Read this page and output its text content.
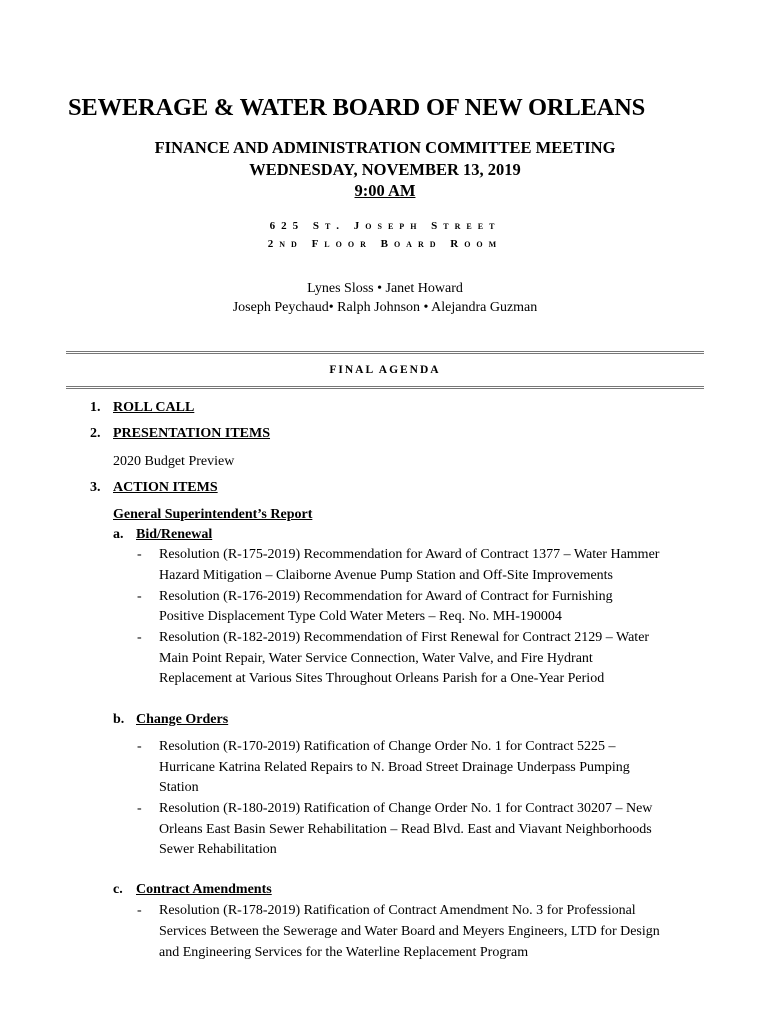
SEWERAGE & WATER BOARD OF NEW ORLEANS
FINANCE AND ADMINISTRATION COMMITTEE MEETING
WEDNESDAY, NOVEMBER 13, 2019
9:00 AM
625 St. Joseph Street
2nd Floor Board Room
Lynes Sloss • Janet Howard
Joseph Peychaud• Ralph Johnson • Alejandra Guzman
FINAL AGENDA
1. ROLL CALL
2. PRESENTATION ITEMS
2020 Budget Preview
3. ACTION ITEMS
General Superintendent’s Report
a. Bid/Renewal
- Resolution (R-175-2019) Recommendation for Award of Contract 1377 – Water Hammer
Hazard Mitigation – Claiborne Avenue Pump Station and Off-Site Improvements
- Resolution (R-176-2019) Recommendation for Award of Contract for Furnishing
Positive Displacement Type Cold Water Meters – Req. No. MH-190004
- Resolution (R-182-2019) Recommendation of First Renewal for Contract 2129 – Water
Main Point Repair, Water Service Connection, Water Valve, and Fire Hydrant
Replacement at Various Sites Throughout Orleans Parish for a One-Year Period
b. Change Orders
- Resolution (R-170-2019) Ratification of Change Order No. 1 for Contract 5225 –
Hurricane Katrina Related Repairs to N. Broad Street Drainage Underpass Pumping
Station
- Resolution (R-180-2019) Ratification of Change Order No. 1 for Contract 30207 – New
Orleans East Basin Sewer Rehabilitation – Read Blvd. East and Viavant Neighborhoods
Sewer Rehabilitation
c. Contract Amendments
- Resolution (R-178-2019) Ratification of Contract Amendment No. 3 for Professional
Services Between the Sewerage and Water Board and Meyers Engineers, LTD for Design
and Engineering Services for the Waterline Replacement Program
